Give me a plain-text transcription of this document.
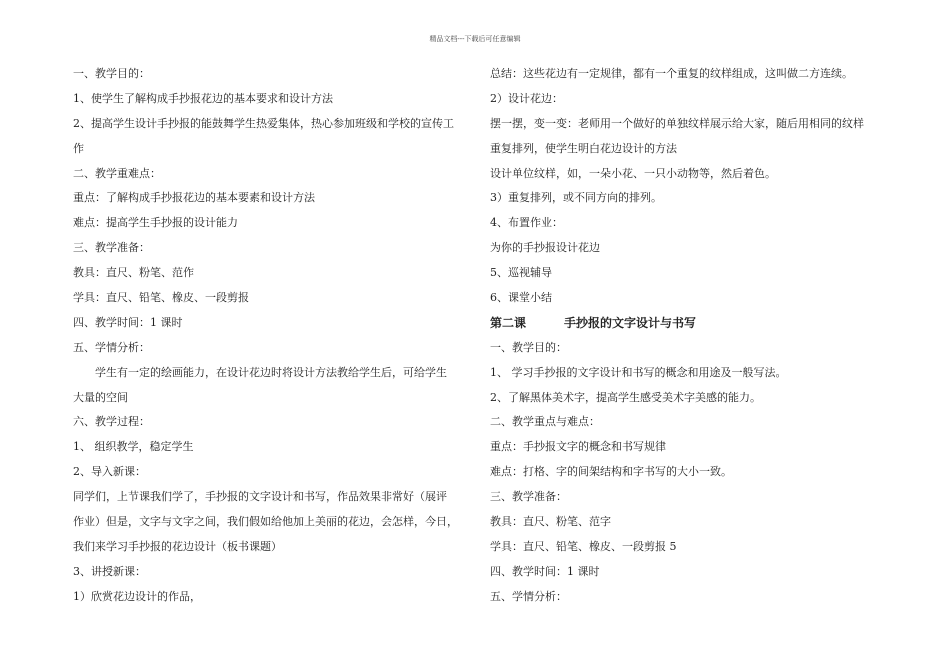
精品文档---下载后可任意编辑
一、教学目的：
1、使学生了解构成手抄报花边的基本要求和设计方法
2、提高学生设计手抄报的能鼓舞学生热爱集体，热心参加班级和学校的宣传工
作
二、教学重难点：
重点：了解构成手抄报花边的基本要素和设计方法
难点：提高学生手抄报的设计能力
三、教学准备：
教具：直尺、粉笔、范作
学具：直尺、铅笔、橡皮、一段剪报
四、教学时间：1 课时
五、学情分析：
学生有一定的绘画能力，在设计花边时将设计方法教给学生后，可给学生
大量的空间
六、教学过程：
1、 组织教学，稳定学生
2、导入新课：
同学们，上节课我们学了，手抄报的文字设计和书写，作品效果非常好（展评
作业）但是，文字与文字之间，我们假如给他加上美丽的花边，会怎样，今日，
我们来学习手抄报的花边设计（板书课题）
3、讲授新课：
1）欣赏花边设计的作品，
总结：这些花边有一定规律，都有一个重复的纹样组成，这叫做二方连续。
2）设计花边：
摆一摆，变一变：老师用一个做好的单独纹样展示给大家，随后用相同的纹样
重复排列，使学生明白花边设计的方法
设计单位纹样，如，一朵小花、一只小动物等，然后着色。
3）重复排列，或不同方向的排列。
4、布置作业：
为你的手抄报设计花边
5、巡视辅导
6、课堂小结
第二课	手抄报的文字设计与书写
一、教学目的：
1、 学习手抄报的文字设计和书写的概念和用途及一般写法。
2、了解黑体美术字，提高学生感受美术字美感的能力。
二、教学重点与难点：
重点：手抄报文字的概念和书写规律
难点：打格、字的间架结构和字书写的大小一致。
三、教学准备：
教具：直尺、粉笔、范字
学具：直尺、铅笔、橡皮、一段剪报 5
四、教学时间：1 课时
五、学情分析：
